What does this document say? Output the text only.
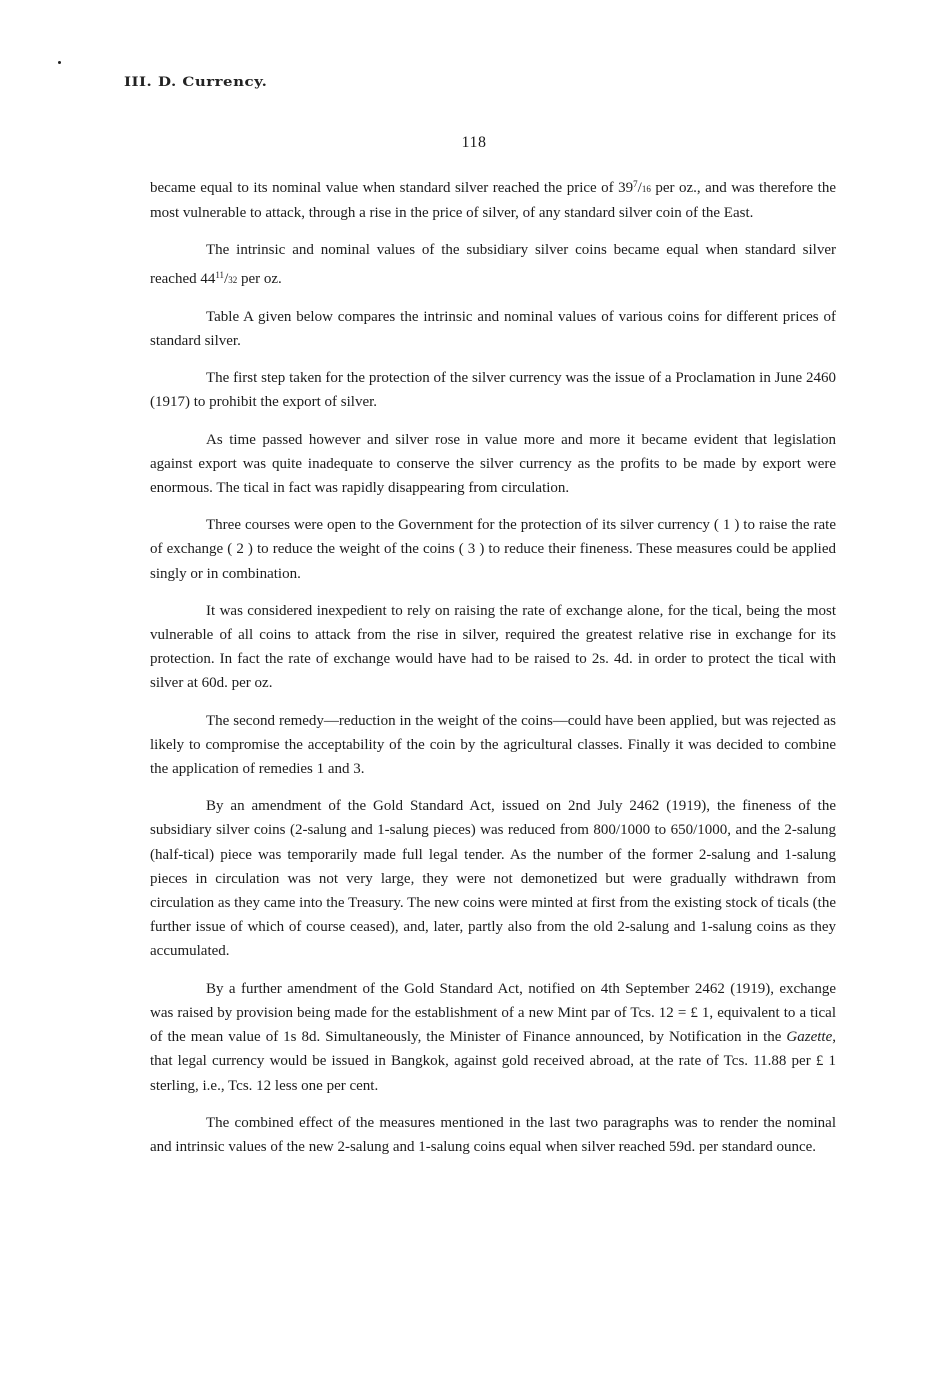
III. D. Currency.
118

became equal to its nominal value when standard silver reached the price of $39^7/16$ per oz., and was therefore the most vulnerable to attack, through a rise in the price of silver, of any standard silver coin of the East.

The intrinsic and nominal values of the subsidiary silver coins became equal when standard silver reached $44^{11}/32$ per oz.

Table A given below compares the intrinsic and nominal values of various coins for different prices of standard silver.

The first step taken for the protection of the silver currency was the issue of a Proclamation in June 2460 (1917) to prohibit the export of silver.

As time passed however and silver rose in value more and more it became evident that legislation against export was quite inadequate to conserve the silver currency as the profits to be made by export were enormous. The tical in fact was rapidly disappearing from circulation.

Three courses were open to the Government for the protection of its silver currency ( 1 ) to raise the rate of exchange ( 2 ) to reduce the weight of the coins ( 3 ) to reduce their fineness. These measures could be applied singly or in combination.

It was considered inexpedient to rely on raising the rate of exchange alone, for the tical, being the most vulnerable of all coins to attack from the rise in silver, required the greatest relative rise in exchange for its protection. In fact the rate of exchange would have had to be raised to 2s. 4d. in order to protect the tical with silver at 60d. per oz.

The second remedy—reduction in the weight of the coins—could have been applied, but was rejected as likely to compromise the acceptability of the coin by the agricultural classes. Finally it was decided to combine the application of remedies 1 and 3.

By an amendment of the Gold Standard Act, issued on 2nd July 2462 (1919), the fineness of the subsidiary silver coins (2-salung and 1-salung pieces) was reduced from 800/1000 to 650/1000, and the 2-salung (half-tical) piece was temporarily made full legal tender. As the number of the former 2-salung and 1-salung pieces in circulation was not very large, they were not demonetized but were gradually withdrawn from circulation as they came into the Treasury. The new coins were minted at first from the existing stock of ticals (the further issue of which of course ceased), and, later, partly also from the old 2-salung and 1-salung coins as they accumulated.

By a further amendment of the Gold Standard Act, notified on 4th September 2462 (1919), exchange was raised by provision being made for the establishment of a new Mint par of Tcs. 12 = £ 1, equivalent to a tical of the mean value of 1s 8d. Simultaneously, the Minister of Finance announced, by Notification in the Gazette, that legal currency would be issued in Bangkok, against gold received abroad, at the rate of Tcs. 11.88 per £ 1 sterling, i.e., Tcs. 12 less one per cent.

The combined effect of the measures mentioned in the last two paragraphs was to render the nominal and intrinsic values of the new 2-salung and 1-salung coins equal when silver reached 59d. per standard ounce.
